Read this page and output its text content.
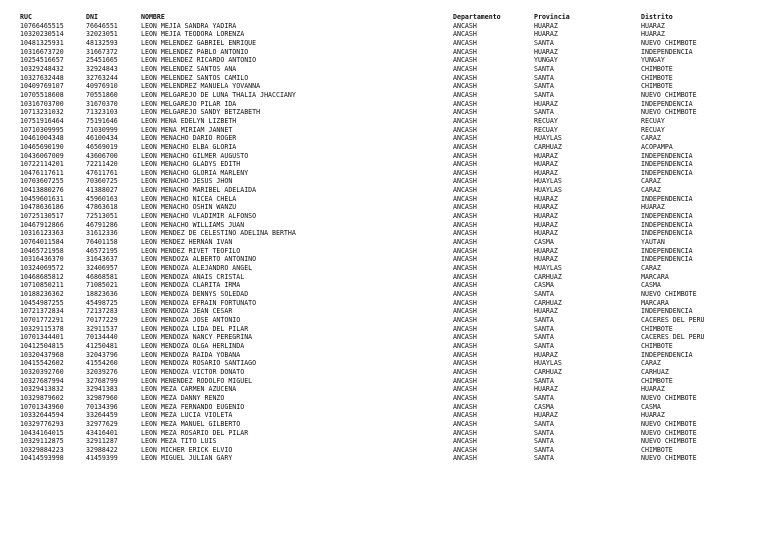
RUC	DNI	NOMBRE	Departamento	Provincia	Distrito
10766465515	76646551	LEON MEJIA SANDRA YADIRA	ANCASH	HUARAZ	HUARAZ
10320230514	32023051	LEON MEJIA TEODORA LORENZA	ANCASH	HUARAZ	HUARAZ
10481325931	48132593	LEON MELENDEZ GABRIEL ENRIQUE	ANCASH	SANTA	NUEVO CHIMBOTE
10316673720	31667372	LEON MELENDEZ PABLO ANTONIO	ANCASH	HUARAZ	INDEPENDENCIA
10254516657	25451665	LEON MELENDEZ RICARDO ANTONIO	ANCASH	YUNGAY	YUNGAY
10329248432	32924843	LEON MELENDEZ SANTOS ANA	ANCASH	SANTA	CHIMBOTE
10327632448	32763244	LEON MELENDEZ SANTOS CAMILO	ANCASH	SANTA	CHIMBOTE
10409769107	40976910	LEON MELENDREZ MANUELA YOVANNA	ANCASH	SANTA	CHIMBOTE
10705518608	70551860	LEON MELGAREJO DE LUNA THALIA JHACCIANY	ANCASH	SANTA	NUEVO CHIMBOTE
10316703700	31670370	LEON MELGAREJO PILAR IDA	ANCASH	HUARAZ	INDEPENDENCIA
10713231032	71323103	LEON MELGAREJO SANDY BETZABETH	ANCASH	SANTA	NUEVO CHIMBOTE
10751916464	75191646	LEON MENA EDELYN LIZBETH	ANCASH	RECUAY	RECUAY
10710309995	71030999	LEON MENA MIRIAM JANNET	ANCASH	RECUAY	RECUAY
10461004348	46100434	LEON MENACHO DARIO ROGER	ANCASH	HUAYLAS	CARAZ
10465690190	46569019	LEON MENACHO ELBA GLORIA	ANCASH	CARHUAZ	ACOPAMPA
10436067009	43606700	LEON MENACHO GILMER AUGUSTO	ANCASH	HUARAZ	INDEPENDENCIA
10722114201	72211420	LEON MENACHO GLADYS EDITH	ANCASH	HUARAZ	INDEPENDENCIA
10476117611	47611761	LEON MENACHO GLORIA MARLENY	ANCASH	HUARAZ	INDEPENDENCIA
10703607255	70360725	LEON MENACHO JESUS JHON	ANCASH	HUAYLAS	CARAZ
10413880276	41388027	LEON MENACHO MARIBEL ADELAIDA	ANCASH	HUAYLAS	CARAZ
10459601631	45960163	LEON MENACHO NICEA CHELA	ANCASH	HUARAZ	INDEPENDENCIA
10478636186	47863618	LEON MENACHO OSHIN WANZU	ANCASH	HUARAZ	HUARAZ
10725130517	72513051	LEON MENACHO VLADIMIR ALFONSO	ANCASH	HUARAZ	INDEPENDENCIA
10467912866	46791286	LEON MENACHO WILLIAMS JUAN	ANCASH	HUARAZ	INDEPENDENCIA
10316123363	31612336	LEON MENDEZ DE CELESTINO ADELINA BERTHA	ANCASH	HUARAZ	INDEPENDENCIA
10764011584	76401158	LEON MENDEZ HERNAN IVAN	ANCASH	CASMA	YAUTAN
10465721958	46572195	LEON MENDEZ RIVET TEOFILO	ANCASH	HUARAZ	INDEPENDENCIA
10316436370	31643637	LEON MENDOZA ALBERTO ANTONINO	ANCASH	HUARAZ	INDEPENDENCIA
10324069572	32406957	LEON MENDOZA ALEJANDRO ANGEL	ANCASH	HUAYLAS	CARAZ
10468685812	46868581	LEON MENDOZA ANAIS CRISTAL	ANCASH	CARHUAZ	MARCARA
10710850211	71085021	LEON MENDOZA CLARITA IRMA	ANCASH	CASMA	CASMA
10188236362	18823636	LEON MENDOZA DENNYS SOLEDAD	ANCASH	SANTA	NUEVO CHIMBOTE
10454987255	45498725	LEON MENDOZA EFRAIN FORTUNATO	ANCASH	CARHUAZ	MARCARA
10721372834	72137283	LEON MENDOZA JEAN CESAR	ANCASH	HUARAZ	INDEPENDENCIA
10701772291	70177229	LEON MENDOZA JOSE ANTONIO	ANCASH	SANTA	CACERES DEL PERU
10329115378	32911537	LEON MENDOZA LIDA DEL PILAR	ANCASH	SANTA	CHIMBOTE
10701344401	70134440	LEON MENDOZA NANCY PEREGRINA	ANCASH	SANTA	CACERES DEL PERU
10412504815	41250481	LEON MENDOZA OLGA HERLINDA	ANCASH	SANTA	CHIMBOTE
10320437968	32043796	LEON MENDOZA RAIDA YOBANA	ANCASH	HUARAZ	INDEPENDENCIA
10415542602	41554260	LEON MENDOZA ROSARIO SANTIAGO	ANCASH	HUAYLAS	CARAZ
10320392760	32039276	LEON MENDOZA VICTOR DONATO	ANCASH	CARHUAZ	CARHUAZ
10327687994	32768799	LEON MENENDEZ RODOLFO MIGUEL	ANCASH	SANTA	CHIMBOTE
10329413832	32941383	LEON MEZA CARMEN AZUCENA	ANCASH	HUARAZ	HUARAZ
10329879602	32987960	LEON MEZA DANNY RENZO	ANCASH	SANTA	NUEVO CHIMBOTE
10701343960	70134396	LEON MEZA FERNANDO EUGENIO	ANCASH	CASMA	CASMA
10332644594	33264459	LEON MEZA LUCIA VIOLETA	ANCASH	HUARAZ	HUARAZ
10329776293	32977629	LEON MEZA MANUEL GILBERTO	ANCASH	SANTA	NUEVO CHIMBOTE
10434164015	43416401	LEON MEZA ROSARIO DEL PILAR	ANCASH	SANTA	NUEVO CHIMBOTE
10329112875	32911287	LEON MEZA TITO LUIS	ANCASH	SANTA	NUEVO CHIMBOTE
10329884223	32988422	LEON MICHER ERICK ELVIO	ANCASH	SANTA	CHIMBOTE
10414593998	41459399	LEON MIGUEL JULIAN GARY	ANCASH	SANTA	NUEVO CHIMBOTE
